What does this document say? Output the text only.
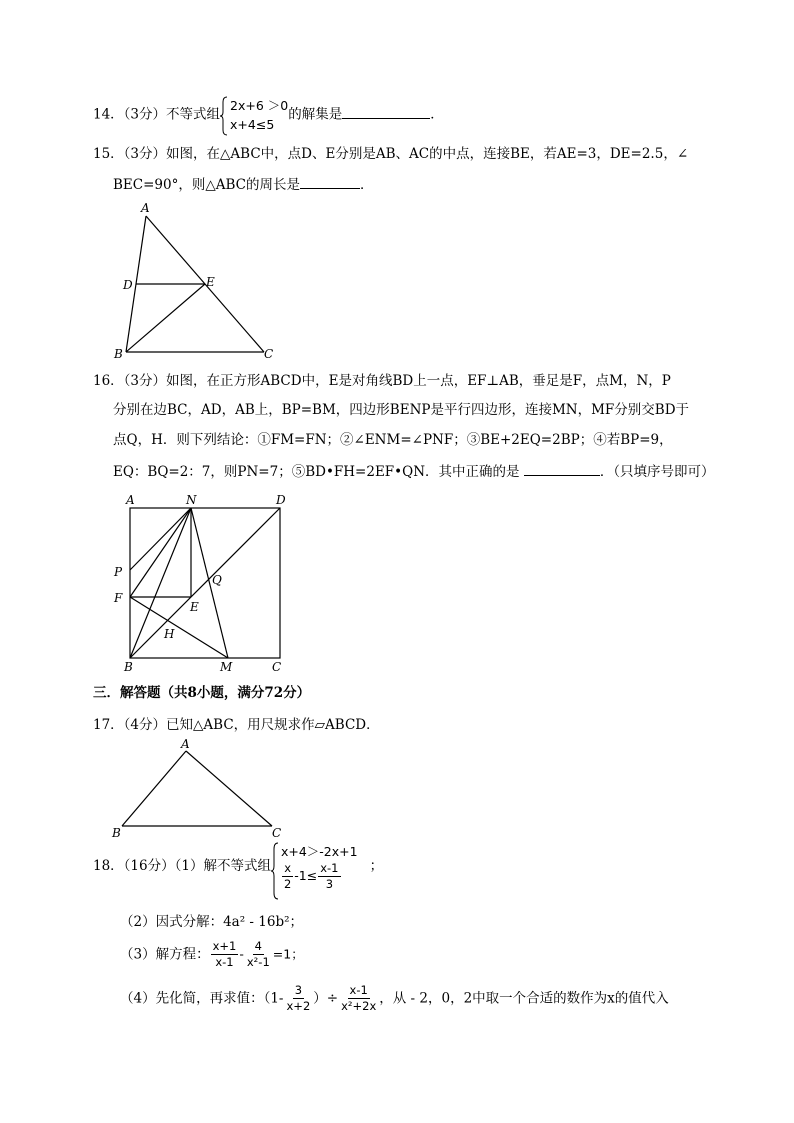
14．（3分）不等式组
2x+6 ＞0
x+4≤5
的解集是	．
15．（3分）如图，在△ABC中，点D、E分别是AB、AC的中点，连接BE，若AE=3，DE=2.5，∠
BEC=90°，则△ABC的周长是	．
A
D	E
B	C
16．（3分）如图，在正方形ABCD中，E是对角线BD上一点，EF⊥AB，垂足是F，点M，N，P
分别在边BC，AD，AB上，BP=BM，四边形BENP是平行四边形，连接MN，MF分别交BD于
点Q，H．则下列结论：①FM=FN；②∠ENM=∠PNF；③BE+2EQ=2BP；④若BP=9，
EQ：BQ=2：7，则PN=7；⑤BD•FH=2EF•QN．其中正确的是	．（只填序号即可）
A	N	D
P
Q
F
E
H
B	M	C
三．解答题（共8小题，满分72分）
17．（4分）已知△ABC，用尺规求作▱ABCD．
A
B	C
18．（16分）（1）解不等式组
x+4＞-2x+1
$\frac{x}{2} -1\le \frac{x-1}{3}$ ；
（2）因式分解：4a² - 16b²；
（3）解方程： $\frac{x+1}{x-1} - \frac{4}{\text{x²-1}} =1$；
（4）先化简，再求值：（$1- \frac{3}{x+2}$ ）÷ $\frac{x-1}{\text{x²+2x}}$ ，从 - 2，0，2中取一个合适的数作为x的值代入
